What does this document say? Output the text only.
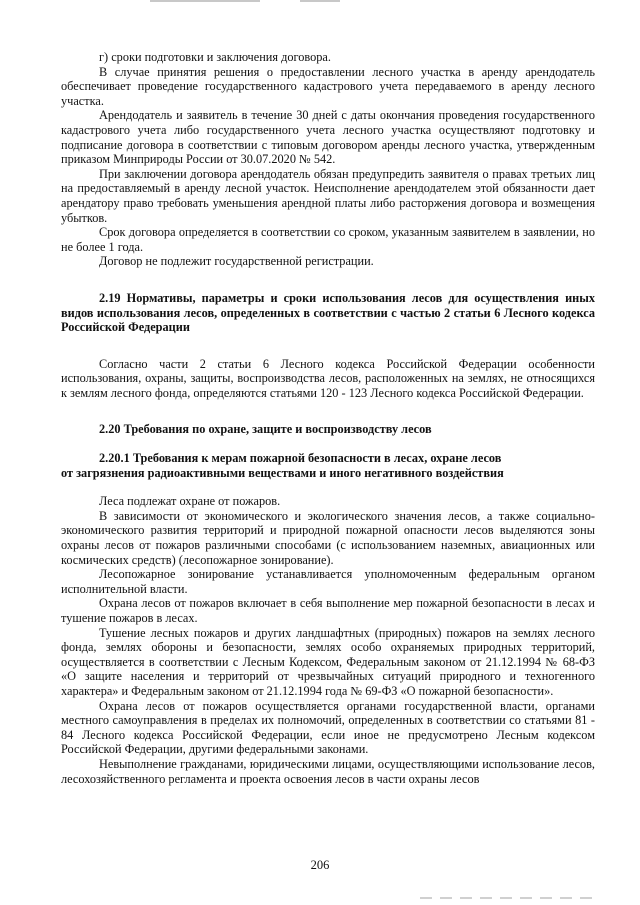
г) сроки подготовки и заключения договора.

В случае принятия решения о предоставлении лесного участка в аренду арендодатель обеспечивает проведение государственного кадастрового учета передаваемого в аренду лесного участка.

Арендодатель и заявитель в течение 30 дней с даты окончания проведения государственного кадастрового учета либо государственного учета лесного участка осуществляют подготовку и подписание договора в соответствии с типовым договором аренды лесного участка, утвержденным приказом Минприроды России от 30.07.2020 № 542.

При заключении договора арендодатель обязан предупредить заявителя о правах третьих лиц на предоставляемый в аренду лесной участок. Неисполнение арендодателем этой обязанности дает арендатору право требовать уменьшения арендной платы либо расторжения договора и возмещения убытков.

Срок договора определяется в соответствии со сроком, указанным заявителем в заявлении, но не более 1 года.

Договор не подлежит государственной регистрации.

2.19 Нормативы, параметры и сроки использования лесов для осуществления иных видов использования лесов, определенных в соответствии с частью 2 статьи 6 Лесного кодекса Российской Федерации

Согласно части 2 статьи 6 Лесного кодекса Российской Федерации особенности использования, охраны, защиты, воспроизводства лесов, расположенных на землях, не относящихся к землям лесного фонда, определяются статьями 120 - 123 Лесного кодекса Российской Федерации.

2.20 Требования по охране, защите и воспроизводству лесов

2.20.1 Требования к мерам пожарной безопасности в лесах, охране лесов

от загрязнения радиоактивными веществами и иного негативного воздействия

Леса подлежат охране от пожаров.

В зависимости от экономического и экологического значения лесов, а также социально-экономического развития территорий и природной пожарной опасности лесов выделяются зоны охраны лесов от пожаров различными способами (с использованием наземных, авиационных или космических средств) (лесопожарное зонирование).

Лесопожарное зонирование устанавливается уполномоченным федеральным органом исполнительной власти.

Охрана лесов от пожаров включает в себя выполнение мер пожарной безопасности в лесах и тушение пожаров в лесах.

Тушение лесных пожаров и других ландшафтных (природных) пожаров на землях лесного фонда, землях обороны и безопасности, землях особо охраняемых природных территорий, осуществляется в соответствии с Лесным Кодексом, Федеральным законом от 21.12.1994 № 68-ФЗ «О защите населения и территорий от чрезвычайных ситуаций природного и техногенного характера» и Федеральным законом от 21.12.1994 года № 69-ФЗ «О пожарной безопасности».

Охрана лесов от пожаров осуществляется органами государственной власти, органами местного самоуправления в пределах их полномочий, определенных в соответствии со статьями 81 - 84 Лесного кодекса Российской Федерации, если иное не предусмотрено Лесным кодексом Российской Федерации, другими федеральными законами.

Невыполнение гражданами, юридическими лицами, осуществляющими использование лесов, лесохозяйственного регламента и проекта освоения лесов в части охраны лесов

206
